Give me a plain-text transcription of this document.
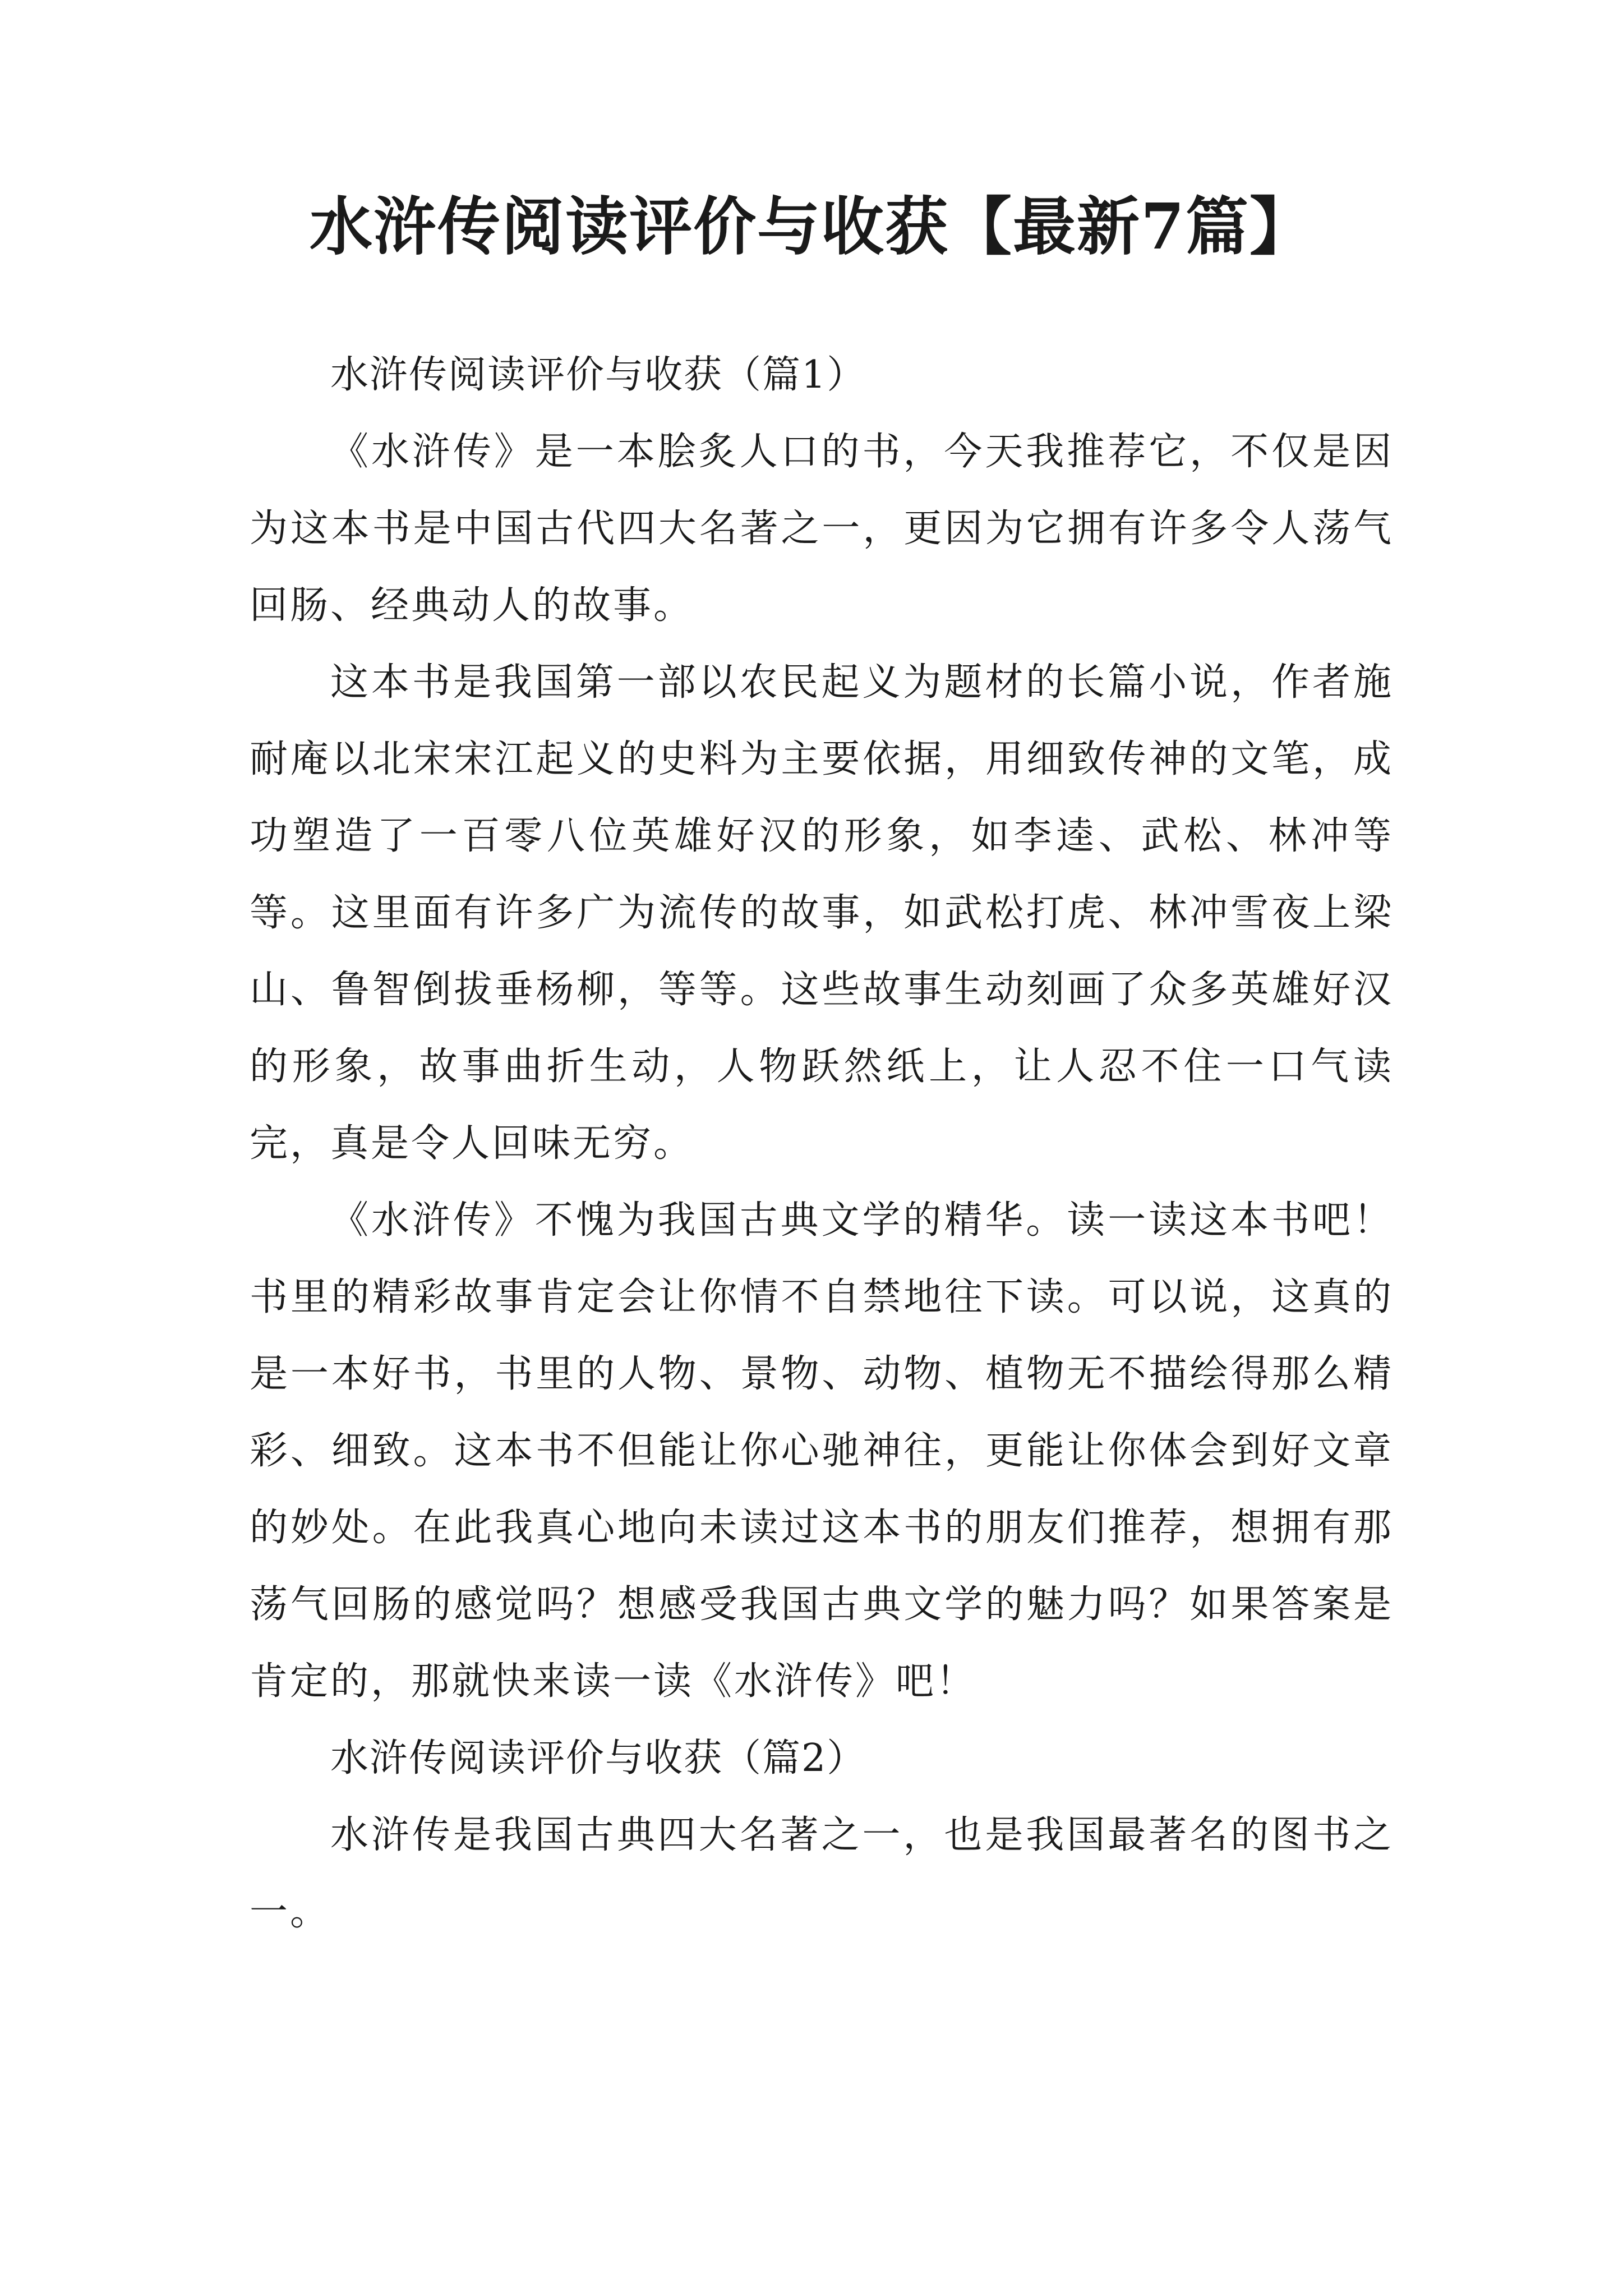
水浒传阅读评价与收获【最新7篇】

水浒传阅读评价与收获（篇1）

《水浒传》是一本脍炙人口的书，今天我推荐它，不仅是因为这本书是中国古代四大名著之一，更因为它拥有许多令人荡气回肠、经典动人的故事。

这本书是我国第一部以农民起义为题材的长篇小说，作者施耐庵以北宋宋江起义的史料为主要依据，用细致传神的文笔，成功塑造了一百零八位英雄好汉的形象，如李逵、武松、林冲等等。这里面有许多广为流传的故事，如武松打虎、林冲雪夜上梁山、鲁智倒拔垂杨柳，等等。这些故事生动刻画了众多英雄好汉的形象，故事曲折生动，人物跃然纸上，让人忍不住一口气读完，真是令人回味无穷。

《水浒传》不愧为我国古典文学的精华。读一读这本书吧！书里的精彩故事肯定会让你情不自禁地往下读。可以说，这真的是一本好书，书里的人物、景物、动物、植物无不描绘得那么精彩、细致。这本书不但能让你心驰神往，更能让你体会到好文章的妙处。在此我真心地向未读过这本书的朋友们推荐，想拥有那荡气回肠的感觉吗？想感受我国古典文学的魅力吗？如果答案是肯定的，那就快来读一读《水浒传》吧！

水浒传阅读评价与收获（篇2）

水浒传是我国古典四大名著之一，也是我国最著名的图书之一。
